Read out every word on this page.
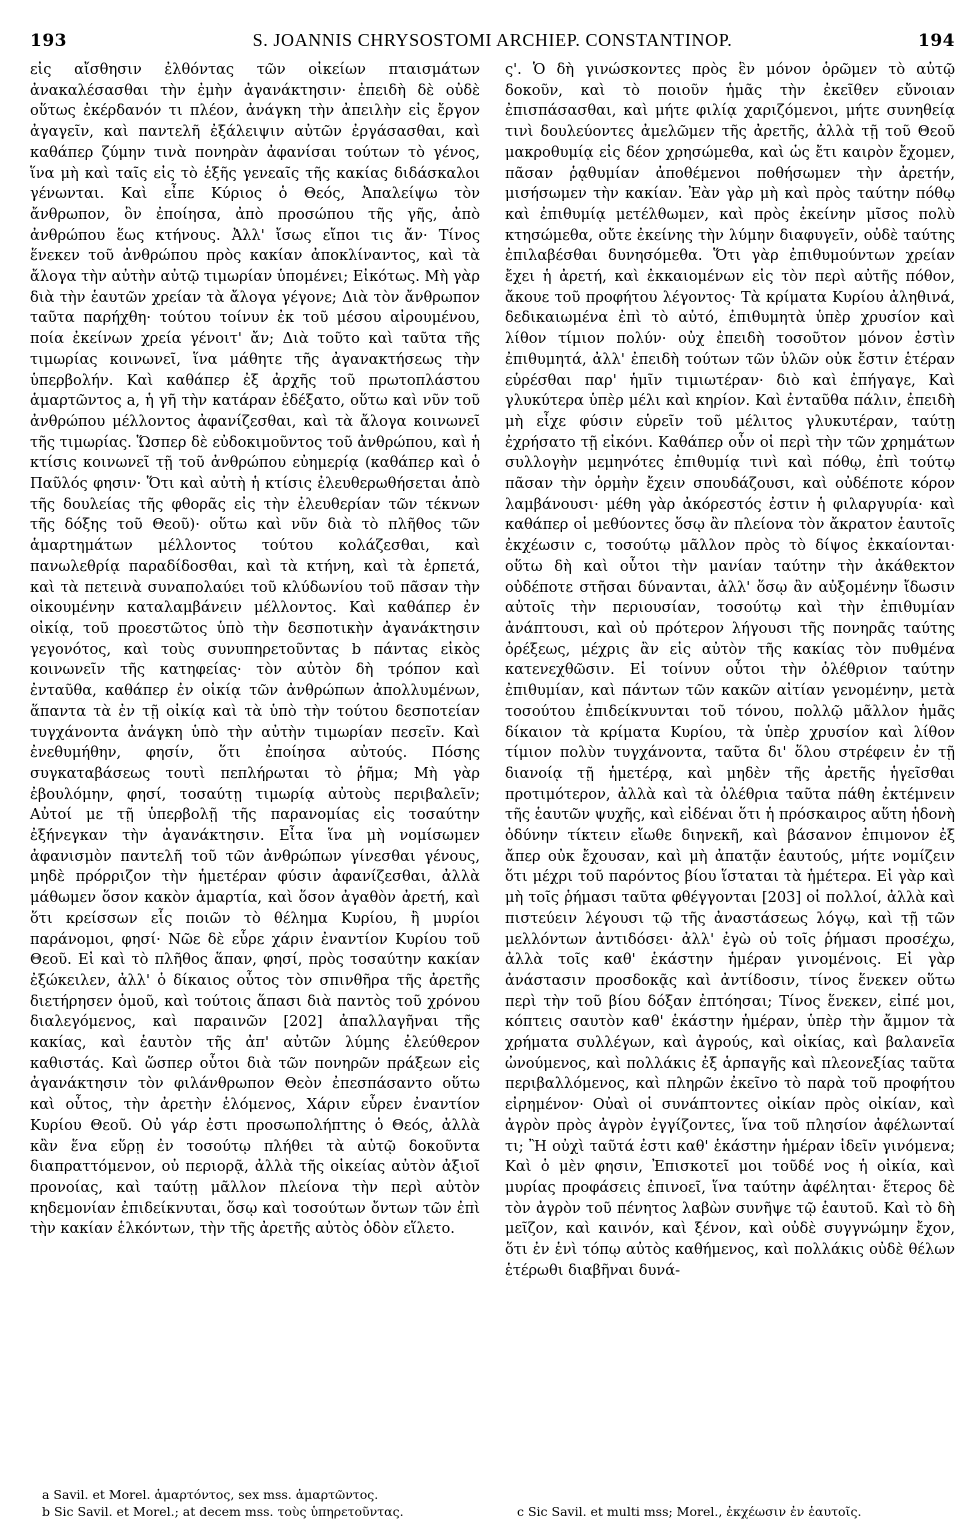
193	S. JOANNIS CHRYSOSTOMI ARCHIEP. CONSTANTINOP.	194
εἰς αἴσθησιν ἐλθόντας τῶν οἰκείων πταισμάτων ἀνακαλέσασθαι τὴν ἐμὴν ἀγανάκτησιν· ἐπειδὴ δὲ οὐδὲ οὕτως ἐκέρδανόν τι πλέον, ἀνάγκη τὴν ἀπειλὴν εἰς ἔργον ἀγαγεῖν, καὶ παντελῆ ἐξάλειψιν αὐτῶν ἐργάσασθαι, καὶ καθάπερ ζύμην τινὰ πονηρὰν ἀφανίσαι τούτων τὸ γένος, ἵνα μὴ καὶ ταῖς εἰς τὸ ἑξῆς γενεαῖς τῆς κακίας διδάσκαλοι γένωνται. Καὶ εἶπε Κύριος ὁ Θεός, Ἀπαλείψω τὸν ἄνθρωπον, ὃν ἐποίησα, ἀπὸ προσώπου τῆς γῆς, ἀπὸ ἀνθρώπου ἕως κτήνους. Ἀλλ' ἴσως εἴποι τις ἄν· Τίνος ἕνεκεν τοῦ ἀνθρώπου πρὸς κακίαν ἀποκλίναντος, καὶ τὰ ἄλογα τὴν αὐτὴν αὐτῷ τιμωρίαν ὑπομένει; Εἰκότως. Μὴ γὰρ διὰ τὴν ἑαυτῶν χρείαν τὰ ἄλογα γέγονε; Διὰ τὸν ἄνθρωπον ταῦτα παρήχθη· τούτου τοίνυν ἐκ τοῦ μέσου αἰρουμένου, ποία ἐκείνων χρεία γένοιτ' ἄν; Διὰ τοῦτο καὶ ταῦτα τῆς τιμωρίας κοινωνεῖ, ἵνα μάθητε τῆς ἀγανακτήσεως τὴν ὑπερβολήν. Καὶ καθάπερ ἐξ ἀρχῆς τοῦ πρωτοπλάστου ἁμαρτῶντος a, ἡ γῆ τὴν κατάραν ἐδέξατο, οὕτω καὶ νῦν τοῦ ἀνθρώπου μέλλοντος ἀφανίζεσθαι, καὶ τὰ ἄλογα κοινωνεῖ τῆς τιμωρίας. Ὥσπερ δὲ εὐδοκιμοῦντος τοῦ ἀνθρώπου, καὶ ἡ κτίσις κοινωνεῖ τῇ τοῦ ἀνθρώπου εὐημερίᾳ (καθάπερ καὶ ὁ Παῦλός φησιν· Ὅτι καὶ αὐτὴ ἡ κτίσις ἐλευθερωθήσεται ἀπὸ τῆς δουλείας τῆς φθορᾶς εἰς τὴν ἐλευθερίαν τῶν τέκνων τῆς δόξης τοῦ Θεοῦ)· οὕτω καὶ νῦν διὰ τὸ πλῆθος τῶν ἁμαρτημάτων μέλλοντος τούτου κολάζεσθαι, καὶ πανωλεθρίᾳ παραδίδοσθαι, καὶ τὰ κτήνη, καὶ τὰ ἑρπετά, καὶ τὰ πετεινὰ συναπολαύει τοῦ κλύδωνίου τοῦ πᾶσαν τὴν οἰκουμένην καταλαμβάνειν μέλλοντος. Καὶ καθάπερ ἐν οἰκίᾳ, τοῦ προεστῶτος ὑπὸ τὴν δεσποτικὴν ἀγανάκτησιν γεγονότος, καὶ τοὺς συνυπηρετοῦντας b πάντας εἰκὸς κοινωνεῖν τῆς κατηφείας· τὸν αὐτὸν δὴ τρόπον καὶ ἐνταῦθα, καθάπερ ἐν οἰκίᾳ τῶν ἀνθρώπων ἀπολλυμένων, ἅπαντα τὰ ἐν τῇ οἰκίᾳ καὶ τὰ ὑπὸ τὴν τούτου δεσποτείαν τυγχάνοντα ἀνάγκη ὑπὸ τὴν αὐτὴν τιμωρίαν πεσεῖν. Καὶ ἐνεθυμήθην, φησίν, ὅτι ἐποίησα αὐτούς. Πόσης συγκαταβάσεως τουτὶ πεπλήρωται τὸ ῥῆμα; Μὴ γὰρ ἐβουλόμην, φησί, τοσαύτῃ τιμωρίᾳ αὐτοὺς περιβαλεῖν; Αὐτοί με τῇ ὑπερβολῇ τῆς παρανομίας εἰς τοσαύτην ἐξήνεγκαν τὴν ἀγανάκτησιν. Εἶτα ἵνα μὴ νομίσωμεν ἀφανισμὸν παντελῆ τοῦ τῶν ἀνθρώπων γίνεσθαι γένους, μηδὲ πρόρριζον τὴν ἡμετέραν φύσιν ἀφανίζεσθαι, ἀλλὰ μάθωμεν ὅσον κακὸν ἁμαρτία, καὶ ὅσον ἀγαθὸν ἀρετή, καὶ ὅτι κρείσσων εἷς ποιῶν τὸ θέλημα Κυρίου, ἢ μυρίοι παράνομοι, φησί· Νῶε δὲ εὗρε χάριν ἐναντίον Κυρίου τοῦ Θεοῦ. Εἰ καὶ τὸ πλῆθος ἅπαν, φησί, πρὸς τοσαύτην κακίαν ἐξώκειλεν, ἀλλ' ὁ δίκαιος οὗτος τὸν σπινθῆρα τῆς ἀρετῆς διετήρησεν ὁμοῦ, καὶ τούτοις ἅπασι διὰ παντὸς τοῦ χρόνου διαλεγόμενος, καὶ παραινῶν [202] ἀπαλλαγῆναι τῆς κακίας, καὶ ἑαυτὸν τῆς ἀπ' αὐτῶν λύμης ἐλεύθερον καθιστάς. Καὶ ὥσπερ οὗτοι διὰ τῶν πονηρῶν πράξεων εἰς ἀγανάκτησιν τὸν φιλάνθρωπον Θεὸν ἐπεσπάσαντο οὕτω καὶ οὗτος, τὴν ἀρετὴν ἑλόμενος, Χάριν εὗρεν ἐναντίον Κυρίου Θεοῦ. Οὐ γάρ ἐστι προσωπολήπτης ὁ Θεός, ἀλλὰ κἂν ἕνα εὕρῃ ἐν τοσούτῳ πλήθει τὰ αὐτῷ δοκοῦντα διαπραττόμενον, οὐ περιορᾷ, ἀλλὰ τῆς οἰκείας αὐτὸν ἀξιοῖ προνοίας, καὶ ταύτῃ μᾶλλον πλείονα τὴν περὶ αὐτὸν κηδεμονίαν ἐπιδείκνυται, ὅσῳ καὶ τοσούτων ὄντων τῶν ἐπὶ τὴν κακίαν ἑλκόντων, τὴν τῆς ἀρετῆς αὐτὸς ὁδὸν εἵλετο.

a Savil. et Morel. ἁμαρτόντος, sex mss. ἁμαρτῶντος.

b Sic Savil. et Morel.; at decem mss. τοὺς ὑπηρετοῦντας.

ς'. Ὁ δὴ γινώσκοντες πρὸς ἓν μόνον ὁρῶμεν τὸ αὐτῷ δοκοῦν, καὶ τὸ ποιοῦν ἡμᾶς τὴν ἐκεῖθεν εὔνοιαν ἐπισπάσασθαι, καὶ μήτε φιλίᾳ χαριζόμενοι, μήτε συνηθείᾳ τινὶ δουλεύοντες ἀμελῶμεν τῆς ἀρετῆς, ἀλλὰ τῇ τοῦ Θεοῦ μακροθυμίᾳ εἰς δέον χρησώμεθα, καὶ ὡς ἔτι καιρὸν ἔχομεν, πᾶσαν ῥᾳθυμίαν ἀποθέμενοι ποθήσωμεν τὴν ἀρετήν, μισήσωμεν τὴν κακίαν. Ἐὰν γὰρ μὴ καὶ πρὸς ταύτην πόθῳ καὶ ἐπιθυμίᾳ μετέλθωμεν, καὶ πρὸς ἐκείνην μῖσος πολὺ κτησώμεθα, οὔτε ἐκείνης τὴν λύμην διαφυγεῖν, οὐδὲ ταύτης ἐπιλαβέσθαι δυνησόμεθα. Ὅτι γὰρ ἐπιθυμούντων χρείαν ἔχει ἡ ἀρετή, καὶ ἐκκαιομένων εἰς τὸν περὶ αὐτῆς πόθον, ἄκουε τοῦ προφήτου λέγοντος· Τὰ κρίματα Κυρίου ἀληθινά, δεδικαιωμένα ἐπὶ τὸ αὐτό, ἐπιθυμητὰ ὑπὲρ χρυσίον καὶ λίθον τίμιον πολύν· οὐχ ἐπειδὴ τοσοῦτον μόνον ἐστὶν ἐπιθυμητά, ἀλλ' ἐπειδὴ τούτων τῶν ὑλῶν οὐκ ἔστιν ἑτέραν εὑρέσθαι παρ' ἡμῖν τιμιωτέραν· διὸ καὶ ἐπήγαγε, Καὶ γλυκύτερα ὑπὲρ μέλι καὶ κηρίον. Καὶ ἐνταῦθα πάλιν, ἐπειδὴ μὴ εἶχε φύσιν εὑρεῖν τοῦ μέλιτος γλυκυτέραν, ταύτῃ ἐχρήσατο τῇ εἰκόνι. Καθάπερ οὖν οἱ περὶ τὴν τῶν χρημάτων συλλογὴν μεμηνότες ἐπιθυμίᾳ τινὶ καὶ πόθῳ, ἐπὶ τούτῳ πᾶσαν τὴν ὁρμὴν ἔχειν σπουδάζουσι, καὶ οὐδέποτε κόρον λαμβάνουσι· μέθη γὰρ ἀκόρεστός ἐστιν ἡ φιλαργυρία· καὶ καθάπερ οἱ μεθύοντες ὅσῳ ἂν πλείονα τὸν ἄκρατον ἑαυτοῖς ἐκχέωσιν c, τοσούτῳ μᾶλλον πρὸς τὸ δίψος ἐκκαίονται· οὕτω δὴ καὶ οὗτοι τὴν μανίαν ταύτην τὴν ἀκάθεκτον οὐδέποτε στῆσαι δύνανται, ἀλλ' ὅσῳ ἂν αὐξομένην ἴδωσιν αὐτοῖς τὴν περιουσίαν, τοσούτῳ καὶ τὴν ἐπιθυμίαν ἀνάπτουσι, καὶ οὐ πρότερον λήγουσι τῆς πονηρᾶς ταύτης ὀρέξεως, μέχρις ἂν εἰς αὐτὸν τῆς κακίας τὸν πυθμένα κατενεχθῶσιν. Εἰ τοίνυν οὗτοι τὴν ὀλέθριον ταύτην ἐπιθυμίαν, καὶ πάντων τῶν κακῶν αἰτίαν γενομένην, μετὰ τοσούτου ἐπιδείκνυνται τοῦ τόνου, πολλῷ μᾶλλον ἡμᾶς δίκαιον τὰ κρίματα Κυρίου, τὰ ὑπὲρ χρυσίον καὶ λίθον τίμιον πολὺν τυγχάνοντα, ταῦτα δι' ὅλου στρέφειν ἐν τῇ διανοίᾳ τῇ ἡμετέρᾳ, καὶ μηδὲν τῆς ἀρετῆς ἡγεῖσθαι προτιμότερον, ἀλλὰ καὶ τὰ ὀλέθρια ταῦτα πάθη ἐκτέμνειν τῆς ἑαυτῶν ψυχῆς, καὶ εἰδέναι ὅτι ἡ πρόσκαιρος αὕτη ἡδονὴ ὀδύνην τίκτειν εἴωθε διηνεκῆ, καὶ βάσανον ἐπιμονον ἐξ ἄπερ οὐκ ἔχουσαν, καὶ μὴ ἀπατᾷν ἑαυτούς, μήτε νομίζειν ὅτι μέχρι τοῦ παρόντος βίου ἵσταται τὰ ἡμέτερα. Εἰ γὰρ καὶ μὴ τοῖς ῥήμασι ταῦτα φθέγγονται [203] οἱ πολλοί, ἀλλὰ καὶ πιστεύειν λέγουσι τῷ τῆς ἀναστάσεως λόγῳ, καὶ τῇ τῶν μελλόντων ἀντιδόσει· ἀλλ' ἐγὼ οὐ τοῖς ῥήμασι προσέχω, ἀλλὰ τοῖς καθ' ἑκάστην ἡμέραν γινομένοις. Εἰ γὰρ ἀνάστασιν προσδοκᾷς καὶ ἀντίδοσιν, τίνος ἕνεκεν οὕτω περὶ τὴν τοῦ βίου δόξαν ἐπτόησαι; Τίνος ἕνεκεν, εἰπέ μοι, κόπτεις σαυτὸν καθ' ἑκάστην ἡμέραν, ὑπὲρ τὴν ἄμμον τὰ χρήματα συλλέγων, καὶ ἀγρούς, καὶ οἰκίας, καὶ βαλανεῖα ὠνούμενος, καὶ πολλάκις ἐξ ἁρπαγῆς καὶ πλεονεξίας ταῦτα περιβαλλόμενος, καὶ πληρῶν ἐκεῖνο τὸ παρὰ τοῦ προφήτου εἰρημένον· Οὐαὶ οἱ συνάπτοντες οἰκίαν πρὸς οἰκίαν, καὶ ἀγρὸν πρὸς ἀγρὸν ἐγγίζοντες, ἵνα τοῦ πλησίον ἀφέλωνταί τι; Ἢ οὐχὶ ταῦτά ἐστι καθ' ἑκάστην ἡμέραν ἰδεῖν γινόμενα; Καὶ ὁ μὲν φησιν, Ἐπισκοτεῖ μοι τοῦδέ νος ἡ οἰκία, καὶ μυρίας προφάσεις ἐπινοεῖ, ἵνα ταύτην ἀφέληται· ἕτερος δὲ τὸν ἀγρὸν τοῦ πένητος λαβὼν συνῆψε τῷ ἑαυτοῦ. Καὶ τὸ δὴ μεῖζον, καὶ καινόν, καὶ ξένον, καὶ οὐδὲ συγγνώμην ἔχον, ὅτι ἐν ἑνὶ τόπῳ αὐτὸς καθήμενος, καὶ πολλάκις οὐδὲ θέλων ἑτέρωθι διαβῆναι δυνά-

c Sic Savil. et multi mss; Morel., ἐκχέωσιν ἐν ἑαυτοῖς.
